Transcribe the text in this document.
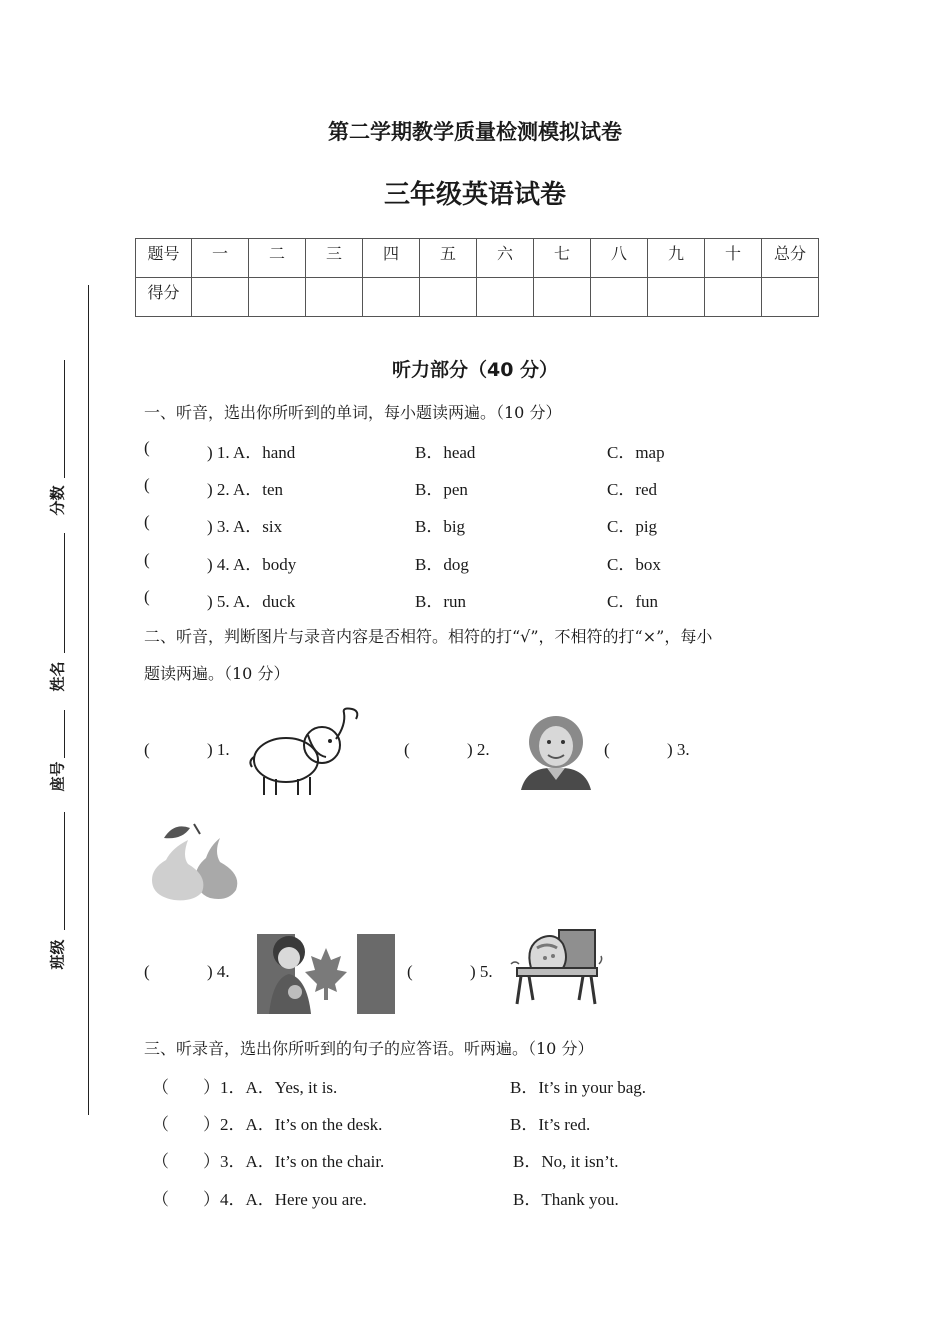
分数
姓名
座号
班级
第二学期教学质量检测模拟试卷
三年级英语试卷
题号	一	二	三	四	五	六	七	八	九	十	总分

得分											

听力部分（40 分）
一、听音，选出你所听到的单词，每小题读两遍。（10 分）
(	) 1. A．hand	B．head	C．map
(	) 2. A．ten	B．pen	C．red
(	) 3. A．six	B．big	C．pig
(	) 4. A．body	B．dog	C．box
(	) 5. A．duck	B．run	C．fun
二、听音，判断图片与录音内容是否相符。相符的打“√”，不相符的打“×”，每小
题读两遍。（10 分）
(	) 1.	(	) 2.	(	) 3.
(	) 4.	(	) 5.
三、听录音，选出你所听到的句子的应答语。听两遍。（10 分）
（ ）1．A．Yes, it is.	B．It’s in your bag.
（ ）2．A．It’s on the desk.	B．It’s red.
（ ）3．A．It’s on the chair.	B．No, it isn’t.
（ ）4．A．Here you are.	B．Thank you.
